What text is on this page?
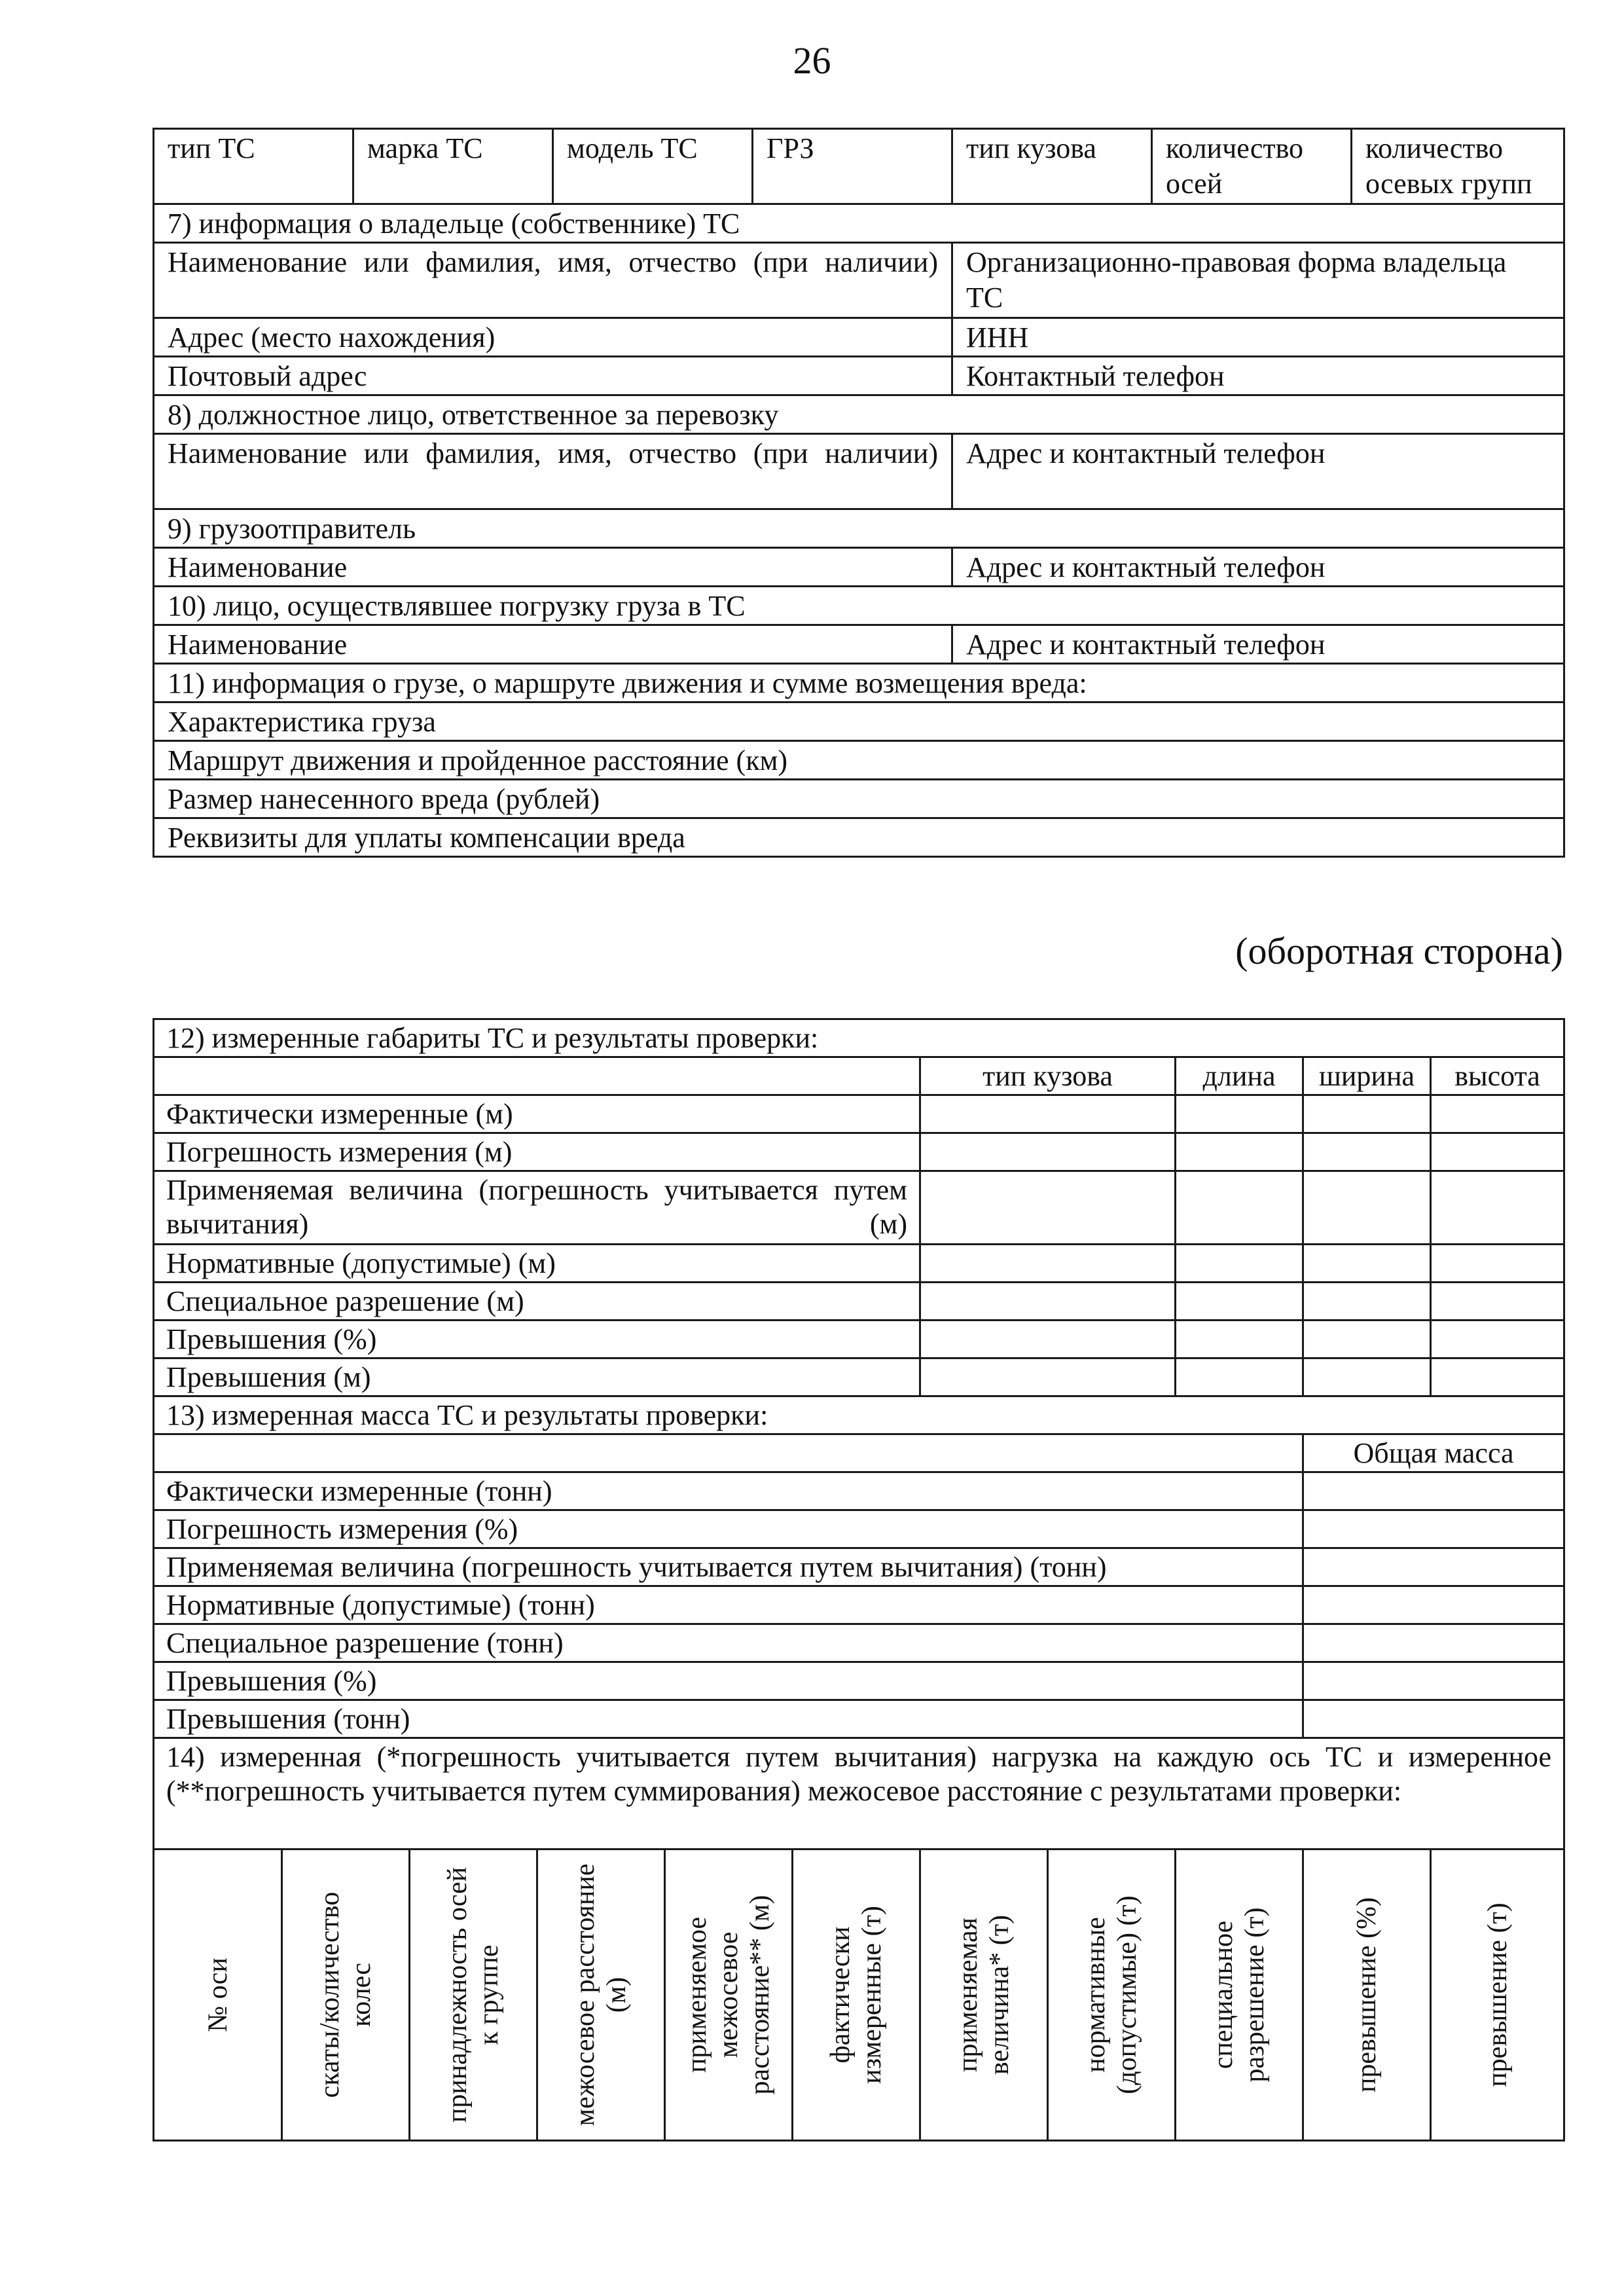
26
тип ТС	марка ТС	модель ТС	ГРЗ	тип кузова	количество осей	количество осевых групп
7) информация о владельце (собственнике) ТС						
Наименование или фамилия, имя, отчество (при наличии)				Организационно-правовая форма владельца ТС		
Адрес (место нахождения)				ИНН		
Почтовый адрес				Контактный телефон		
8) должностное лицо, ответственное за перевозку						
Наименование или фамилия, имя, отчество (при наличии)				Адрес и контактный телефон		
9) грузоотправитель						
Наименование				Адрес и контактный телефон		
10) лицо, осуществлявшее погрузку груза в ТС						
Наименование				Адрес и контактный телефон		
11) информация о грузе, о маршруте движения и сумме возмещения вреда:						
Характеристика груза						
Маршрут движения и пройденное расстояние (км)						
Размер нанесенного вреда (рублей)						
Реквизиты для уплаты компенсации вреда						
(оборотная сторона)
12) измеренные габариты ТС и результаты проверки:										
						тип кузова		длина	ширина	высота
Фактически измеренные (м)										
Погрешность измерения (м)										
Применяемая величина (погрешность учитывается путем вычитания) (м)										
Нормативные (допустимые) (м)										
Специальное разрешение (м)										
Превышения (%)										
Превышения (м)										
13) измеренная масса ТС и результаты проверки:										
									Общая масса	
Фактически измеренные (тонн)										
Погрешность измерения (%)										
Применяемая величина (погрешность учитывается путем вычитания) (тонн)										
Нормативные (допустимые) (тонн)										
Специальное разрешение (тонн)										
Превышения (%)										
Превышения (тонн)										
14) измеренная (*погрешность учитывается путем вычитания) нагрузка на каждую ось ТС и измеренное (**погрешность учитывается путем суммирования) межосевое расстояние с результатами проверки:										

№ оси	скаты/количество колес	принадлежность осей к группе	межосевое расстояние (м)	применяемое межосевое расстояние** (м)	фактически измеренные (т)	применяемая величина* (т)	нормативные (допустимые) (т)	специальное разрешение (т)	превышение (%)	превышение (т)
